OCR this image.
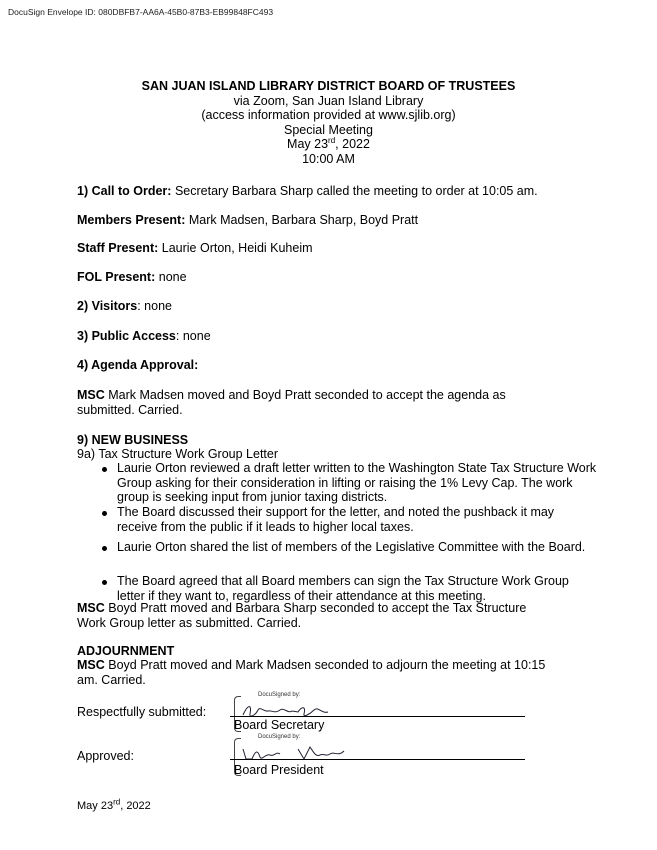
DocuSign Envelope ID: 080DBFB7-AA6A-45B0-87B3-EB99848FC493
SAN JUAN ISLAND LIBRARY DISTRICT BOARD OF TRUSTEES
via Zoom, San Juan Island Library
(access information provided at www.sjlib.org)
Special Meeting
May 23rd, 2022
10:00 AM
1) Call to Order: Secretary Barbara Sharp called the meeting to order at 10:05 am.
Members Present: Mark Madsen, Barbara Sharp, Boyd Pratt
Staff Present: Laurie Orton, Heidi Kuheim
FOL Present: none
2) Visitors: none
3) Public Access: none
4) Agenda Approval:
MSC Mark Madsen moved and Boyd Pratt seconded to accept the agenda as submitted. Carried.
9) NEW BUSINESS
9a) Tax Structure Work Group Letter
Laurie Orton reviewed a draft letter written to the Washington State Tax Structure Work Group asking for their consideration in lifting or raising the 1% Levy Cap. The work group is seeking input from junior taxing districts.
The Board discussed their support for the letter, and noted the pushback it may receive from the public if it leads to higher local taxes.
Laurie Orton shared the list of members of the Legislative Committee with the Board.
The Board agreed that all Board members can sign the Tax Structure Work Group letter if they want to, regardless of their attendance at this meeting.
MSC Boyd Pratt moved and Barbara Sharp seconded to accept the Tax Structure Work Group letter as submitted. Carried.
ADJOURNMENT
MSC Boyd Pratt moved and Mark Madsen seconded to adjourn the meeting at 10:15 am. Carried.
Respectfully submitted:
DocuSigned by:
Board Secretary
Approved:
DocuSigned by:
Board President
May 23rd, 2022
